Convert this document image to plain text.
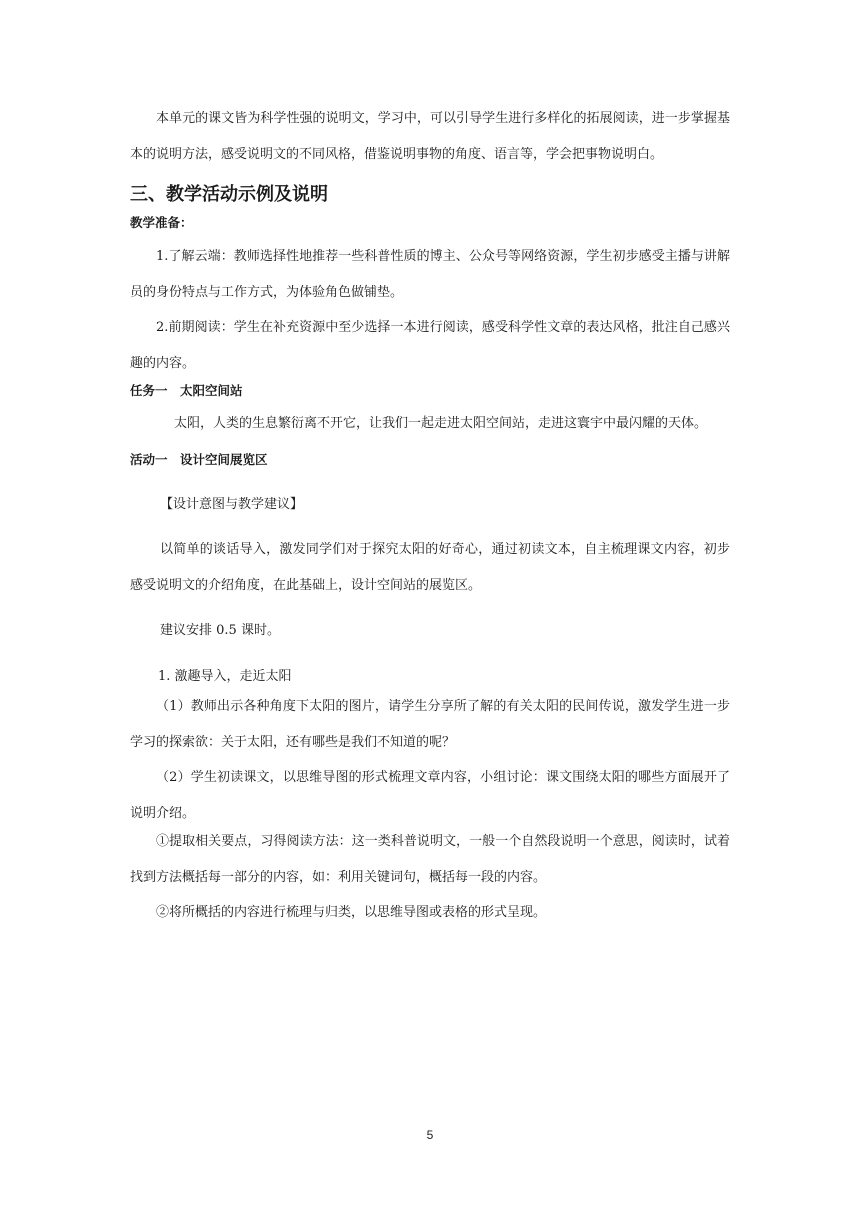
本单元的课文皆为科学性强的说明文，学习中，可以引导学生进行多样化的拓展阅读，进一步掌握基本的说明方法，感受说明文的不同风格，借鉴说明事物的角度、语言等，学会把事物说明白。

三、教学活动示例及说明

教学准备：

1.了解云端：教师选择性地推荐一些科普性质的博主、公众号等网络资源，学生初步感受主播与讲解员的身份特点与工作方式，为体验角色做铺垫。

2.前期阅读：学生在补充资源中至少选择一本进行阅读，感受科学性文章的表达风格，批注自己感兴趣的内容。

任务一　太阳空间站

太阳，人类的生息繁衍离不开它，让我们一起走进太阳空间站，走进这寰宇中最闪耀的天体。

活动一　设计空间展览区

【设计意图与教学建议】

以简单的谈话导入，激发同学们对于探究太阳的好奇心，通过初读文本，自主梳理课文内容，初步感受说明文的介绍角度，在此基础上，设计空间站的展览区。

建议安排 0.5 课时。

1. 激趣导入，走近太阳

（1）教师出示各种角度下太阳的图片，请学生分享所了解的有关太阳的民间传说，激发学生进一步学习的探索欲：关于太阳，还有哪些是我们不知道的呢？

（2）学生初读课文，以思维导图的形式梳理文章内容，小组讨论：课文围绕太阳的哪些方面展开了说明介绍。

①提取相关要点，习得阅读方法：这一类科普说明文，一般一个自然段说明一个意思，阅读时，试着找到方法概括每一部分的内容，如：利用关键词句，概括每一段的内容。

②将所概括的内容进行梳理与归类，以思维导图或表格的形式呈现。

5
